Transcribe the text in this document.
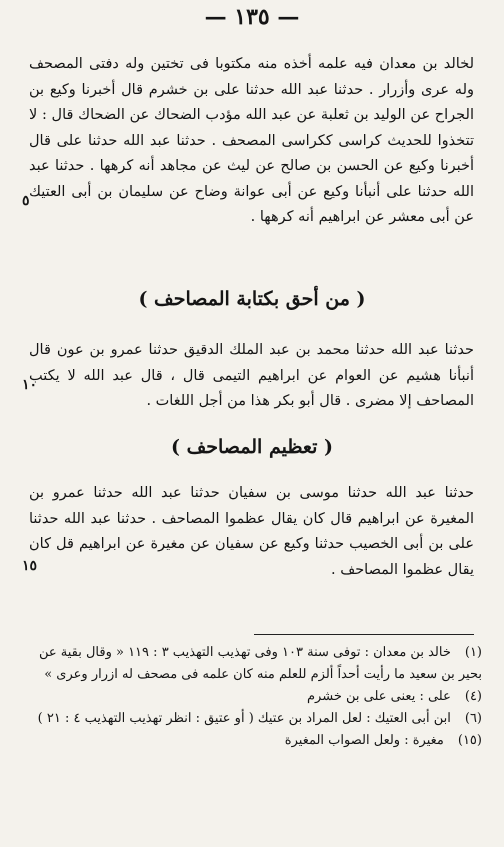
— ١٣٥ —

لخالد بن معدان فيه علمه أخذه منه مكتوبا فى تختين وله دفتى المصحف وله عرى وأزرار . حدثنا عبد الله حدثنا على بن خشرم قال أخبرنا وكيع بن الجراح عن الوليد بن ثعلبة عن عبد الله مؤدب الضحاك عن الضحاك قال : لا تتخذوا للحديث كراسى ككراسى المصحف . حدثنا عبد الله حدثنا على قال أخبرنا وكيع عن الحسن بن صالح عن ليث عن مجاهد أنه كرهها . حدثنا عبد الله حدثنا على أنبأنا وكيع عن أبى عوانة وضاح عن سليمان بن أبى العتيك عن أبى معشر عن ابراهيم أنه كرهها .

٥
( من أحق بكتابة المصاحف )

حدثنا عبد الله حدثنا محمد بن عبد الملك الدقيق حدثنا عمرو بن عون قال أنبأنا هشيم عن العوام عن ابراهيم التيمى قال ، قال عبد الله لا يكتب المصاحف إلا مضرى . قال أبو بكر هذا من أجل اللغات .

١٠
( تعظيم المصاحف )

حدثنا عبد الله حدثنا موسى بن سفيان حدثنا عبد الله حدثنا عمرو بن المغيرة عن ابراهيم قال كان يقال عظموا المصاحف . حدثنا عبد الله حدثنا على بن أبى الخصيب حدثنا وكيع عن سفيان عن مغيرة عن ابراهيم قل كان يقال عظموا المصاحف .

١٥

(١)خالد بن معدان : توفى سنة ١٠٣ وفى تهذيب التهذيب ٣ : ١١٩ « وقال بقية عن بحير بن سعيد ما رأيت أحداً ألزم للعلم منه كان علمه فى مصحف له ازرار وعرى »

(٤)على : يعنى على بن خشرم

(٦)ابن أبى العتيك : لعل المراد بن عتيك ( أو عتيق : انظر تهذيب التهذيب ٤ : ٢١ )

(١٥)مغيرة : ولعل الصواب المغيرة
